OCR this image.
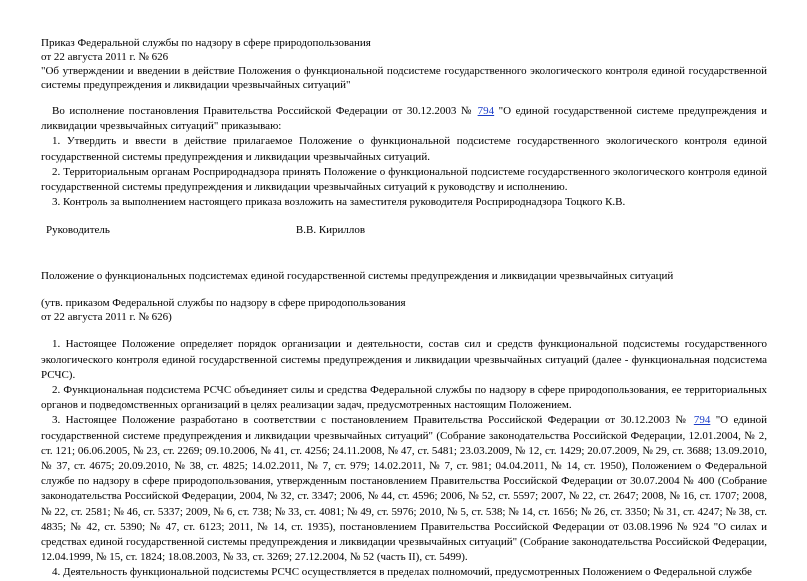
Приказ Федеральной службы по надзору в сфере природопользования
от 22 августа 2011 г. № 626
"Об утверждении и введении в действие Положения о функциональной подсистеме государственного экологического контроля единой государственной системы предупреждения и ликвидации чрезвычайных ситуаций"
Во исполнение постановления Правительства Российской Федерации от 30.12.2003 № 794 "О единой государственной системе предупреждения и ликвидации чрезвычайных ситуаций" приказываю:
1. Утвердить и ввести в действие прилагаемое Положение о функциональной подсистеме государственного экологического контроля единой государственной системы предупреждения и ликвидации чрезвычайных ситуаций.
2. Территориальным органам Росприроднадзора принять Положение о функциональной подсистеме государственного экологического контроля единой государственной системы предупреждения и ликвидации чрезвычайных ситуаций к руководству и исполнению.
3. Контроль за выполнением настоящего приказа возложить на заместителя руководителя Росприроднадзора Тоцкого К.В.
Руководитель	В.В. Кириллов
Положение о функциональных подсистемах единой государственной системы предупреждения и ликвидации чрезвычайных ситуаций
(утв. приказом Федеральной службы по надзору в сфере природопользования
от 22 августа 2011 г. № 626)
1. Настоящее Положение определяет порядок организации и деятельности, состав сил и средств функциональной подсистемы государственного экологического контроля единой государственной системы предупреждения и ликвидации чрезвычайных ситуаций (далее - функциональная подсистема РСЧС).
2. Функциональная подсистема РСЧС объединяет силы и средства Федеральной службы по надзору в сфере природопользования, ее территориальных органов и подведомственных организаций в целях реализации задач, предусмотренных настоящим Положением.
3. Настоящее Положение разработано в соответствии с постановлением Правительства Российской Федерации от 30.12.2003 № 794 "О единой государственной системе предупреждения и ликвидации чрезвычайных ситуаций" (Собрание законодательства Российской Федерации, 12.01.2004, № 2, ст. 121; 06.06.2005, № 23, ст. 2269; 09.10.2006, № 41, ст. 4256; 24.11.2008, № 47, ст. 5481; 23.03.2009, № 12, ст. 1429; 20.07.2009, № 29, ст. 3688; 13.09.2010, № 37, ст. 4675; 20.09.2010, № 38, ст. 4825; 14.02.2011, № 7, ст. 979; 14.02.2011, № 7, ст. 981; 04.04.2011, № 14, ст. 1950), Положением о Федеральной службе по надзору в сфере природопользования, утвержденным постановлением Правительства Российской Федерации от 30.07.2004 № 400 (Собрание законодательства Российской Федерации, 2004, № 32, ст. 3347; 2006, № 44, ст. 4596; 2006, № 52, ст. 5597; 2007, № 22, ст. 2647; 2008, № 16, ст. 1707; 2008, № 22, ст. 2581; № 46, ст. 5337; 2009, № 6, ст. 738; № 33, ст. 4081; № 49, ст. 5976; 2010, № 5, ст. 538; № 14, ст. 1656; № 26, ст. 3350; № 31, ст. 4247; № 38, ст. 4835; № 42, ст. 5390; № 47, ст. 6123; 2011, № 14, ст. 1935), постановлением Правительства Российской Федерации от 03.08.1996 № 924 "О силах и средствах единой государственной системы предупреждения и ликвидации чрезвычайных ситуаций" (Собрание законодательства Российской Федерации, 12.04.1999, № 15, ст. 1824; 18.08.2003, № 33, ст. 3269; 27.12.2004, № 52 (часть II), ст. 5499).
4. Деятельность функциональной подсистемы РСЧС осуществляется в пределах полномочий, предусмотренных Положением о Федеральной службе
